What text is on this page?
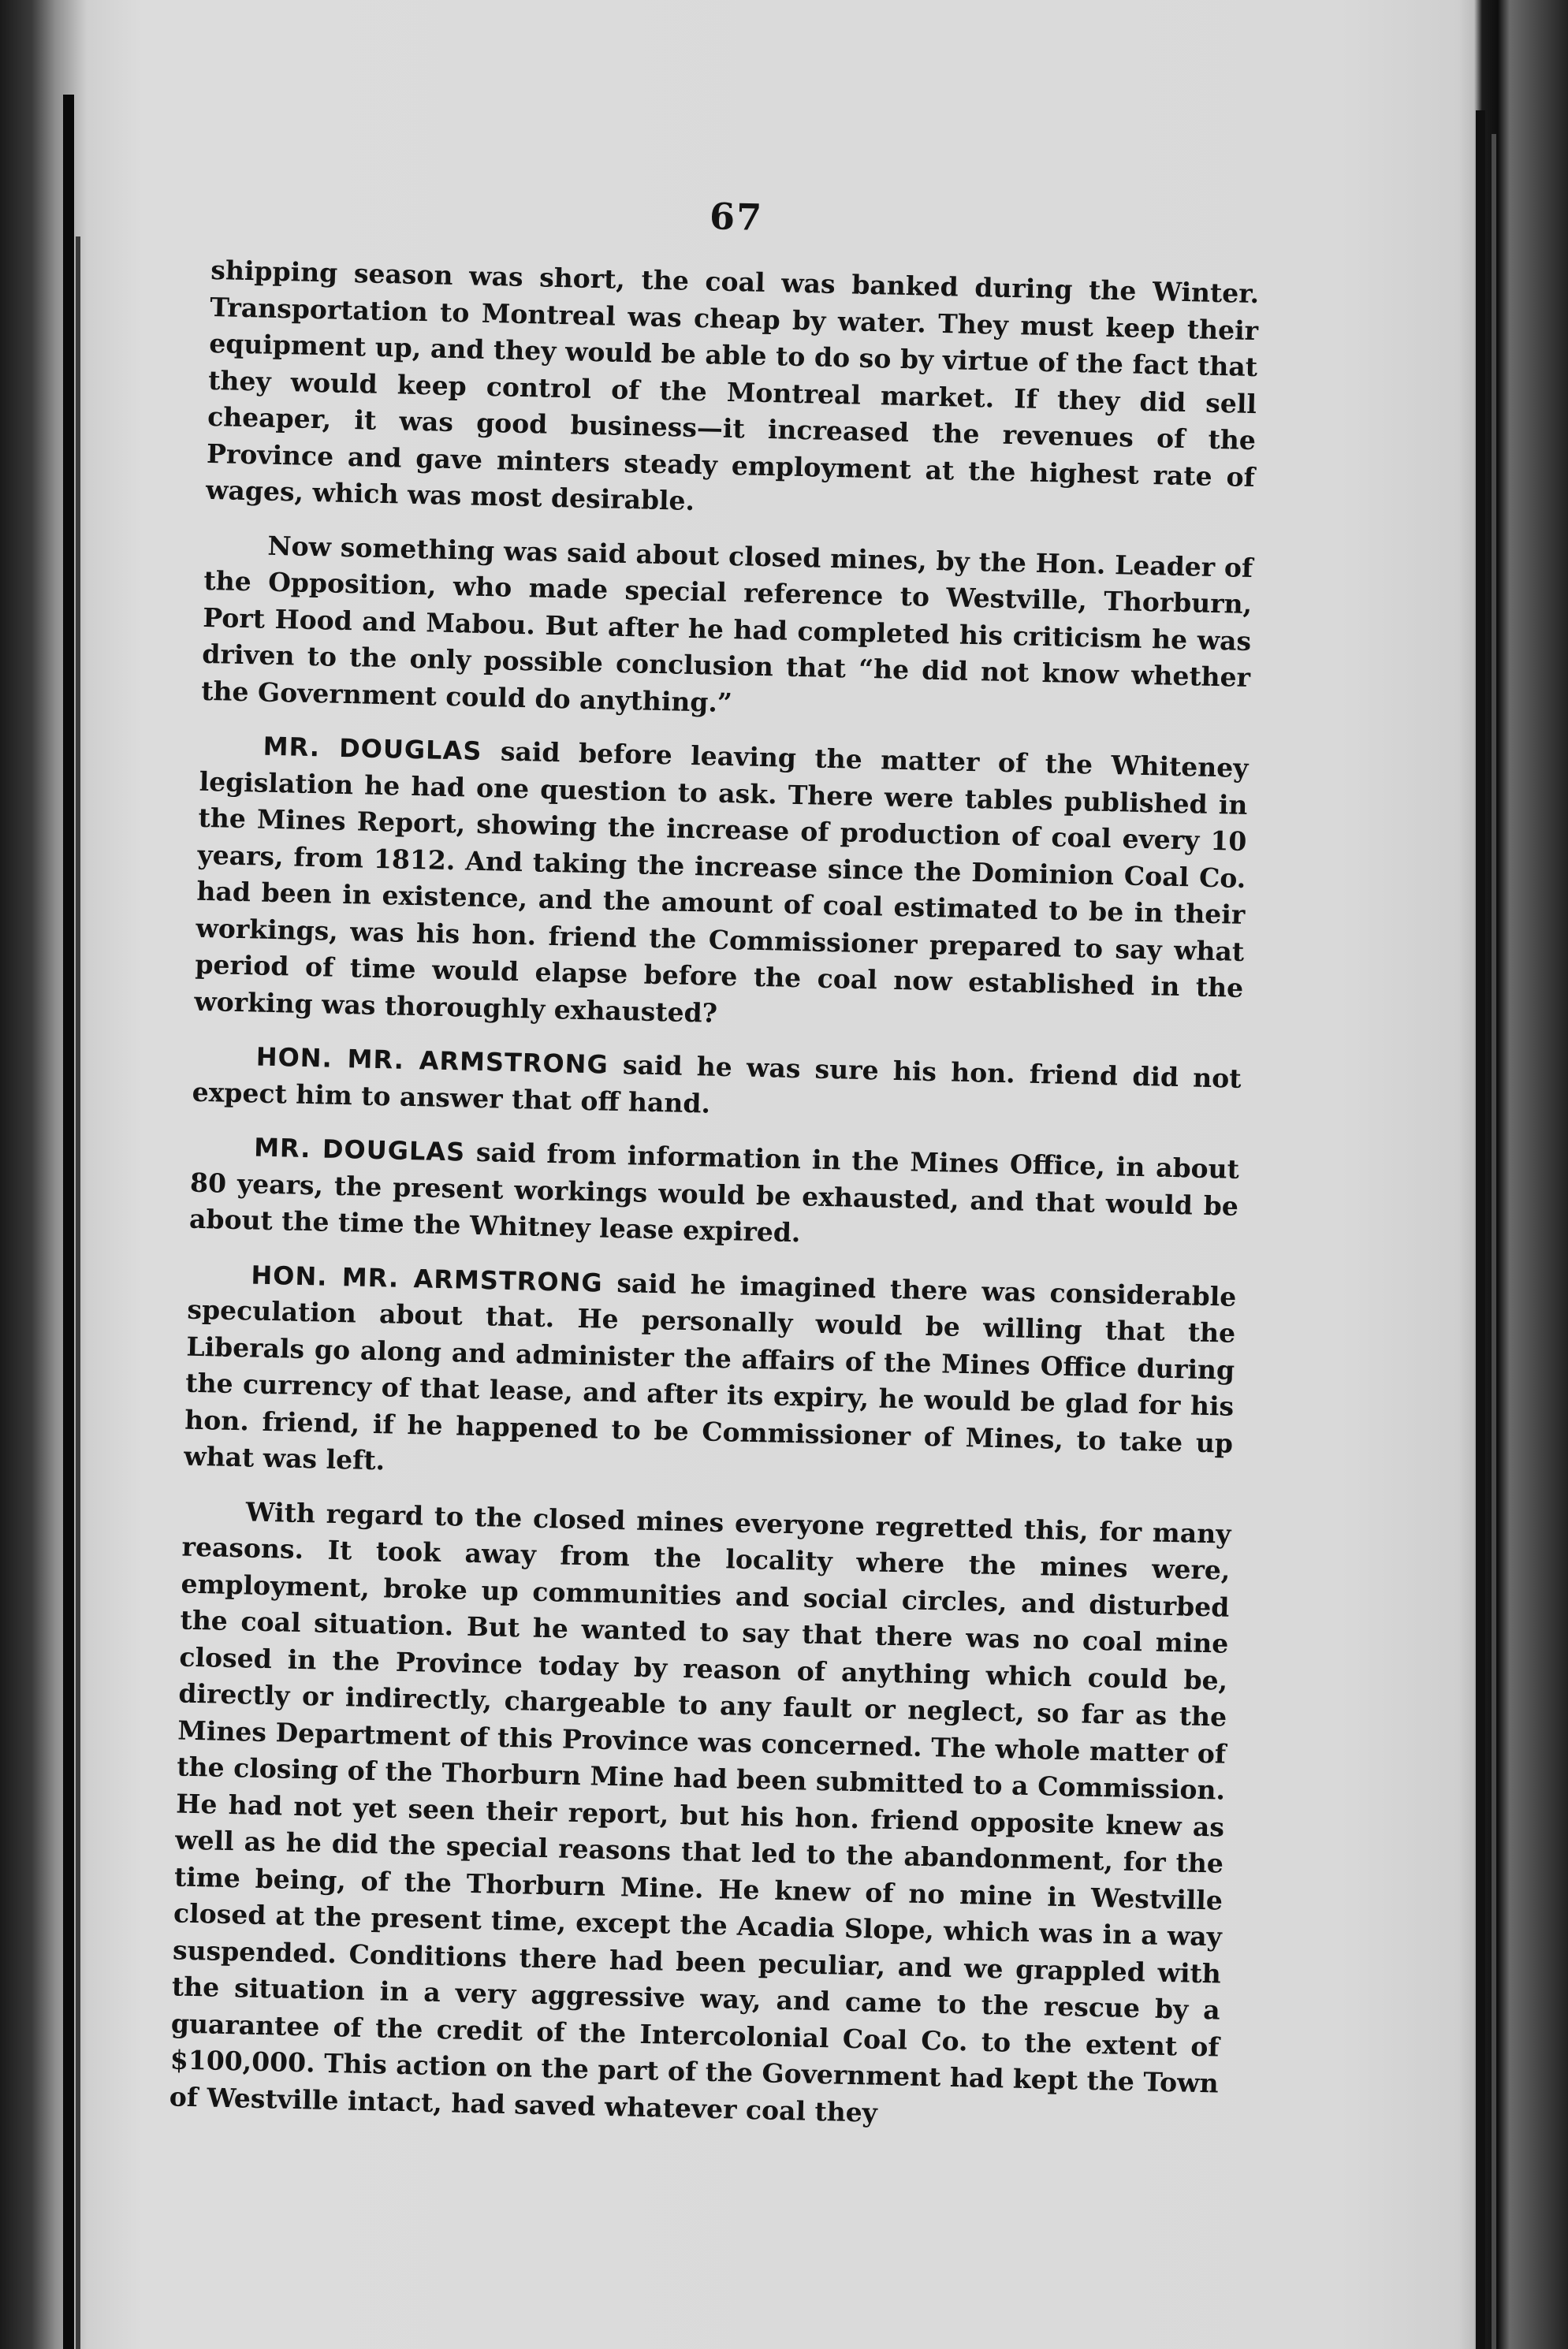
67

shipping season was short, the coal was banked during the Winter. Transportation to Montreal was cheap by water. They must keep their equipment up, and they would be able to do so by virtue of the fact that they would keep control of the Montreal market. If they did sell cheaper, it was good business—it increased the revenues of the Province and gave minters steady employment at the highest rate of wages, which was most desirable.

Now something was said about closed mines, by the Hon. Leader of the Opposition, who made special reference to Westville, Thorburn, Port Hood and Mabou. But after he had completed his criticism he was driven to the only possible conclusion that “he did not know whether the Government could do anything.”

MR. DOUGLAS said before leaving the matter of the Whiteney legislation he had one question to ask. There were tables published in the Mines Report, showing the increase of production of coal every 10 years, from 1812. And taking the increase since the Dominion Coal Co. had been in existence, and the amount of coal estimated to be in their workings, was his hon. friend the Commissioner prepared to say what period of time would elapse before the coal now established in the working was thoroughly exhausted?

HON. MR. ARMSTRONG said he was sure his hon. friend did not expect him to answer that off hand.

MR. DOUGLAS said from information in the Mines Office, in about 80 years, the present workings would be exhausted, and that would be about the time the Whitney lease expired.

HON. MR. ARMSTRONG said he imagined there was considerable speculation about that. He personally would be willing that the Liberals go along and administer the affairs of the Mines Office during the currency of that lease, and after its expiry, he would be glad for his hon. friend, if he happened to be Commissioner of Mines, to take up what was left.

With regard to the closed mines everyone regretted this, for many reasons. It took away from the locality where the mines were, employment, broke up communities and social circles, and disturbed the coal situation. But he wanted to say that there was no coal mine closed in the Province today by reason of anything which could be, directly or indirectly, chargeable to any fault or neglect, so far as the Mines Department of this Province was concerned. The whole matter of the closing of the Thorburn Mine had been submitted to a Commission. He had not yet seen their report, but his hon. friend opposite knew as well as he did the special reasons that led to the abandonment, for the time being, of the Thorburn Mine. He knew of no mine in Westville closed at the present time, except the Acadia Slope, which was in a way suspended. Conditions there had been peculiar, and we grappled with the situation in a very aggressive way, and came to the rescue by a guarantee of the credit of the Intercolonial Coal Co. to the extent of $100,000. This action on the part of the Government had kept the Town of Westville intact, had saved whatever coal they
